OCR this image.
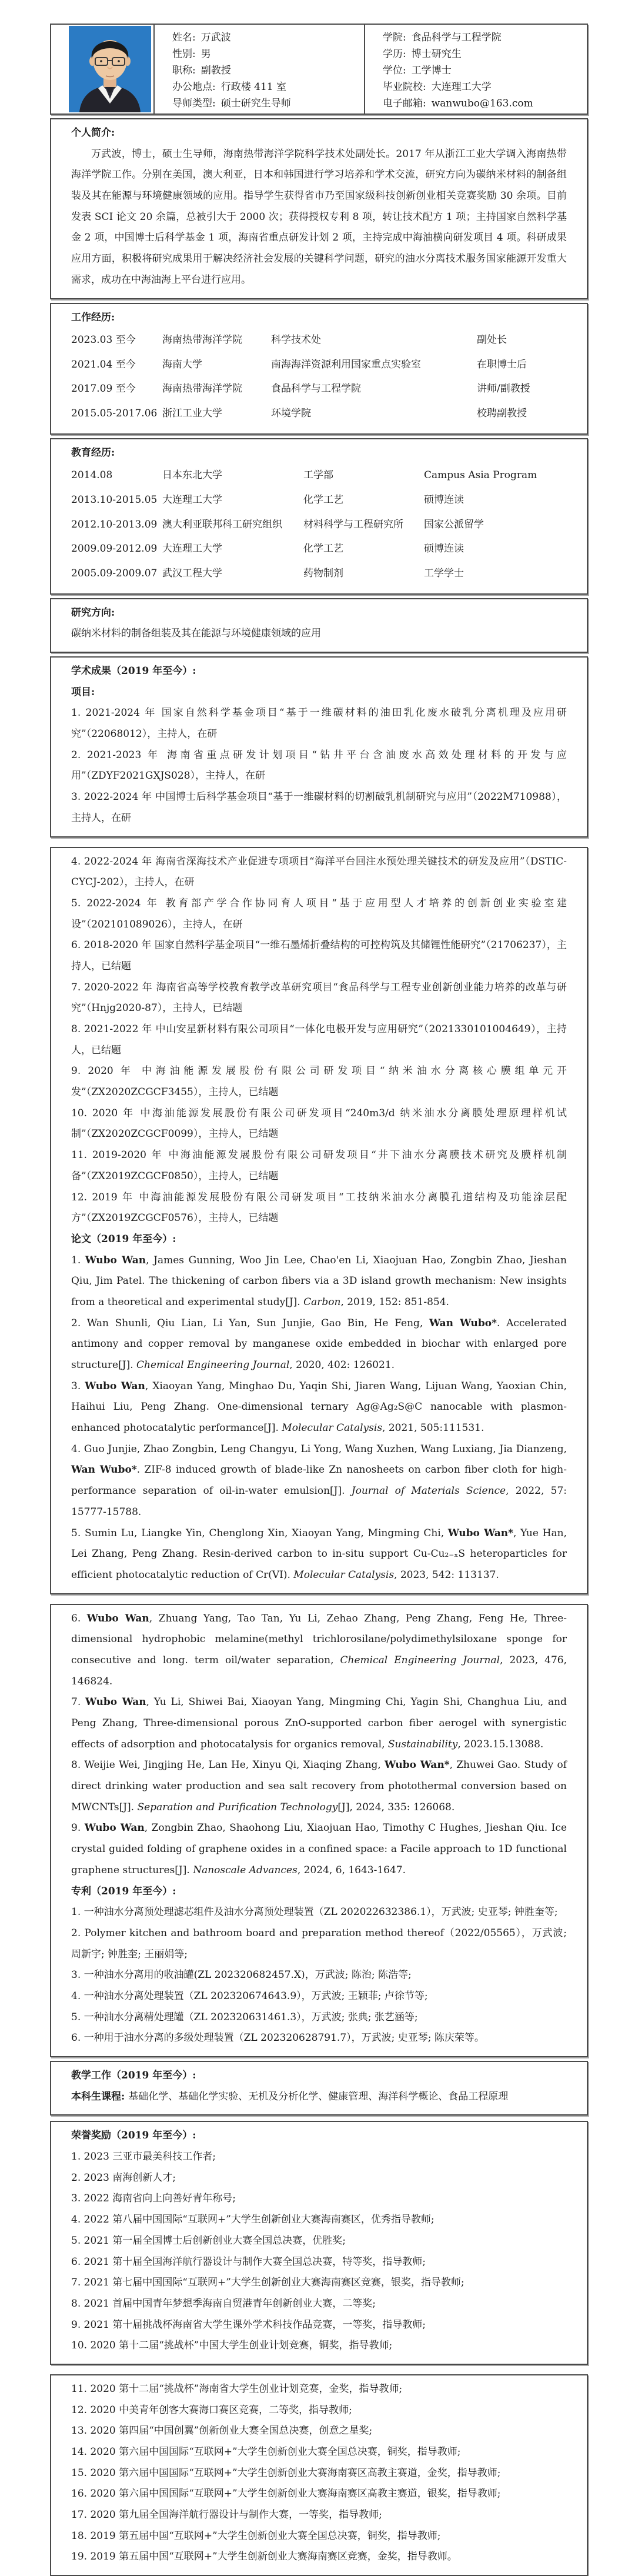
姓名: 万武波
性别: 男
职称: 副教授
办公地点: 行政楼 411 室
导师类型: 硕士研究生导师
学院: 食品科学与工程学院
学历: 博士研究生
学位: 工学博士
毕业院校: 大连理工大学
电子邮箱: wanwubo@163.com
个人简介:

万武波，博士，硕士生导师，海南热带海洋学院科学技术处副处长。2017 年从浙江工业大学调入海南热带海洋学院工作。分别在美国，澳大利亚，日本和韩国进行学习培养和学术交流，研究方向为碳纳米材料的制备组装及其在能源与环境健康领域的应用。指导学生获得省市乃至国家级科技创新创业相关竞赛奖励 30 余项。目前发表 SCI 论文 20 余篇，总被引大于 2000 次；获得授权专利 8 项，转让技术配方 1 项；主持国家自然科学基金 2 项，中国博士后科学基金 1 项，海南省重点研发计划 2 项，主持完成中海油横向研发项目 4 项。科研成果应用方面，积极将研究成果用于解决经济社会发展的关键科学问题，研究的油水分离技术服务国家能源开发重大需求，成功在中海油海上平台进行应用。

工作经历:
2023.03 至今	海南热带海洋学院	科学技术处	副处长
2021.04 至今	海南大学	南海海洋资源利用国家重点实验室	在职博士后
2017.09 至今	海南热带海洋学院	食品科学与工程学院	讲师/副教授
2015.05-2017.06 浙江工业大学	环境学院	校聘副教授
教育经历:
2014.08	日本东北大学	工学部	Campus Asia Program
2013.10-2015.05 大连理工大学	化学工艺	硕博连读
2012.10-2013.09 澳大利亚联邦科工研究组织	材料科学与工程研究所	国家公派留学
2009.09-2012.09 大连理工大学	化学工艺	硕博连读
2005.09-2009.07 武汉工程大学	药物制剂	工学学士
研究方向:

碳纳米材料的制备组装及其在能源与环境健康领域的应用

学术成果（2019 年至今）:
项目:

1. 2021-2024 年 国家自然科学基金项目“基于一维碳材料的油田乳化废水破乳分离机理及应用研究”（22068012），主持人，在研

2. 2021-2023 年 海南省重点研发计划项目“钻井平台含油废水高效处理材料的开发与应用”（ZDYF2021GXJS028），主持人，在研

3. 2022-2024 年 中国博士后科学基金项目“基于一维碳材料的切割破乳机制研究与应用”（2022M710988），主持人，在研

4. 2022-2024 年 海南省深海技术产业促进专项项目“海洋平台回注水预处理关键技术的研发及应用”（DSTIC-CYCJ-202），主持人，在研

5. 2022-2024 年 教育部产学合作协同育人项目“基于应用型人才培养的创新创业实验室建设”（202101089026），主持人，在研

6. 2018-2020 年 国家自然科学基金项目“一维石墨烯折叠结构的可控构筑及其储锂性能研究”（21706237），主持人，已结题

7. 2020-2022 年 海南省高等学校教育教学改革研究项目“食品科学与工程专业创新创业能力培养的改革与研究”（Hnjg2020-87），主持人，已结题

8. 2021-2022 年 中山安星新材料有限公司项目“一体化电极开发与应用研究”（2021330101004649），主持人，已结题

9. 2020 年 中海油能源发展股份有限公司研发项目“纳米油水分离核心膜组单元开发”（ZX2020ZCGCF3455），主持人，已结题

10. 2020 年 中海油能源发展股份有限公司研发项目“240m3/d 纳米油水分离膜处理原理样机试制”（ZX2020ZCGCF0099），主持人，已结题

11. 2019-2020 年 中海油能源发展股份有限公司研发项目“井下油水分离膜技术研究及膜样机制备”（ZX2019ZCGCF0850），主持人，已结题

12. 2019 年 中海油能源发展股份有限公司研发项目“工技纳米油水分离膜孔道结构及功能涂层配方”（ZX2019ZCGCF0576），主持人，已结题

论文（2019 年至今）:

1. Wubo Wan, James Gunning, Woo Jin Lee, Chao'en Li, Xiaojuan Hao, Zongbin Zhao, Jieshan Qiu, Jim Patel. The thickening of carbon fibers via a 3D island growth mechanism: New insights from a theoretical and experimental study[J]. Carbon, 2019, 152: 851-854.

2. Wan Shunli, Qiu Lian, Li Yan, Sun Junjie, Gao Bin, He Feng, Wan Wubo*. Accelerated antimony and copper removal by manganese oxide embedded in biochar with enlarged pore structure[J]. Chemical Engineering Journal, 2020, 402: 126021.

3. Wubo Wan, Xiaoyan Yang, Minghao Du, Yaqin Shi, Jiaren Wang, Lijuan Wang, Yaoxian Chin, Haihui Liu, Peng Zhang. One-dimensional ternary Ag@Ag₂S@C nanocable with plasmon-enhanced photocatalytic performance[J]. Molecular Catalysis, 2021, 505:111531.

4. Guo Junjie, Zhao Zongbin, Leng Changyu, Li Yong, Wang Xuzhen, Wang Luxiang, Jia Dianzeng, Wan Wubo*. ZIF-8 induced growth of blade-like Zn nanosheets on carbon fiber cloth for high-performance separation of oil-in-water emulsion[J]. Journal of Materials Science, 2022, 57: 15777-15788.

5. Sumin Lu, Liangke Yin, Chenglong Xin, Xiaoyan Yang, Mingming Chi, Wubo Wan*, Yue Han, Lei Zhang, Peng Zhang. Resin-derived carbon to in-situ support Cu-Cu₂₋ₓS heteroparticles for efficient photocatalytic reduction of Cr(VI). Molecular Catalysis, 2023, 542: 113137.

6. Wubo Wan, Zhuang Yang, Tao Tan, Yu Li, Zehao Zhang, Peng Zhang, Feng He, Three-dimensional hydrophobic melamine(methyl trichlorosilane/polydimethylsiloxane sponge for consecutive and long. term oil/water separation, Chemical Engineering Journal, 2023, 476, 146824.

7. Wubo Wan, Yu Li, Shiwei Bai, Xiaoyan Yang, Mingming Chi, Yagin Shi, Changhua Liu, and Peng Zhang, Three-dimensional porous ZnO-supported carbon fiber aerogel with synergistic effects of adsorption and photocatalysis for organics removal, Sustainability, 2023.15.13088.

8. Weijie Wei, Jingjing He, Lan He, Xinyu Qi, Xiaqing Zhang, Wubo Wan*, Zhuwei Gao. Study of direct drinking water production and sea salt recovery from photothermal conversion based on MWCNTs[J]. Separation and Purification Technology[J], 2024, 335: 126068.

9. Wubo Wan, Zongbin Zhao, Shaohong Liu, Xiaojuan Hao, Timothy C Hughes, Jieshan Qiu. Ice crystal guided folding of graphene oxides in a confined space: a Facile approach to 1D functional graphene structures[J]. Nanoscale Advances, 2024, 6, 1643-1647.

专利（2019 年至今）:

1. 一种油水分离预处理滤芯组件及油水分离预处理装置（ZL 202022632386.1），万武波; 史亚琴; 钟胜奎等;

2. Polymer kitchen and bathroom board and preparation method thereof（2022/05565），万武波; 周新宇; 钟胜奎; 王丽娟等;

3. 一种油水分离用的收油罐(ZL 202320682457.X)，万武波; 陈治; 陈浩等;

4. 一种油水分离处理装置（ZL 202320674643.9），万武波; 王颖菲; 卢徐节等;

5. 一种油水分离精处理罐（ZL 202320631461.3），万武波; 张典; 张艺涵等;

6. 一种用于油水分离的多级处理装置（ZL 202320628791.7），万武波; 史亚琴; 陈庆荣等。

教学工作（2019 年至今）:

本科生课程: 基础化学、基础化学实验、无机及分析化学、健康管理、海洋科学概论、食品工程原理

荣誉奖励（2019 年至今）:

1. 2023 三亚市最美科技工作者;

2. 2023 南海创新人才;

3. 2022 海南省向上向善好青年称号;

4. 2022 第八届中国国际“互联网+”大学生创新创业大赛海南赛区，优秀指导教师;

5. 2021 第一届全国博士后创新创业大赛全国总决赛，优胜奖;

6. 2021 第十届全国海洋航行器设计与制作大赛全国总决赛，特等奖，指导教师;

7. 2021 第七届中国国际“互联网+”大学生创新创业大赛海南赛区竞赛，银奖，指导教师;

8. 2021 首届中国青年梦想季海南自贸港青年创新创业大赛，二等奖;

9. 2021 第十届挑战杯海南省大学生课外学术科技作品竞赛，一等奖，指导教师;

10. 2020 第十二届“挑战杯”中国大学生创业计划竞赛，铜奖，指导教师;

11. 2020 第十二届“挑战杯”海南省大学生创业计划竞赛，金奖，指导教师;

12. 2020 中美青年创客大赛海口赛区竞赛，二等奖，指导教师;

13. 2020 第四届“中国创翼”创新创业大赛全国总决赛，创意之星奖;

14. 2020 第六届中国国际“互联网+”大学生创新创业大赛全国总决赛，铜奖，指导教师;

15. 2020 第六届中国国际“互联网+”大学生创新创业大赛海南赛区高教主赛道，金奖，指导教师;

16. 2020 第六届中国国际“互联网+”大学生创新创业大赛海南赛区高教主赛道，银奖，指导教师;

17. 2020 第九届全国海洋航行器设计与制作大赛，一等奖，指导教师;

18. 2019 第五届中国“互联网+”大学生创新创业大赛全国总决赛，铜奖，指导教师;

19. 2019 第五届中国“互联网+”大学生创新创业大赛海南赛区竞赛，金奖，指导教师。
